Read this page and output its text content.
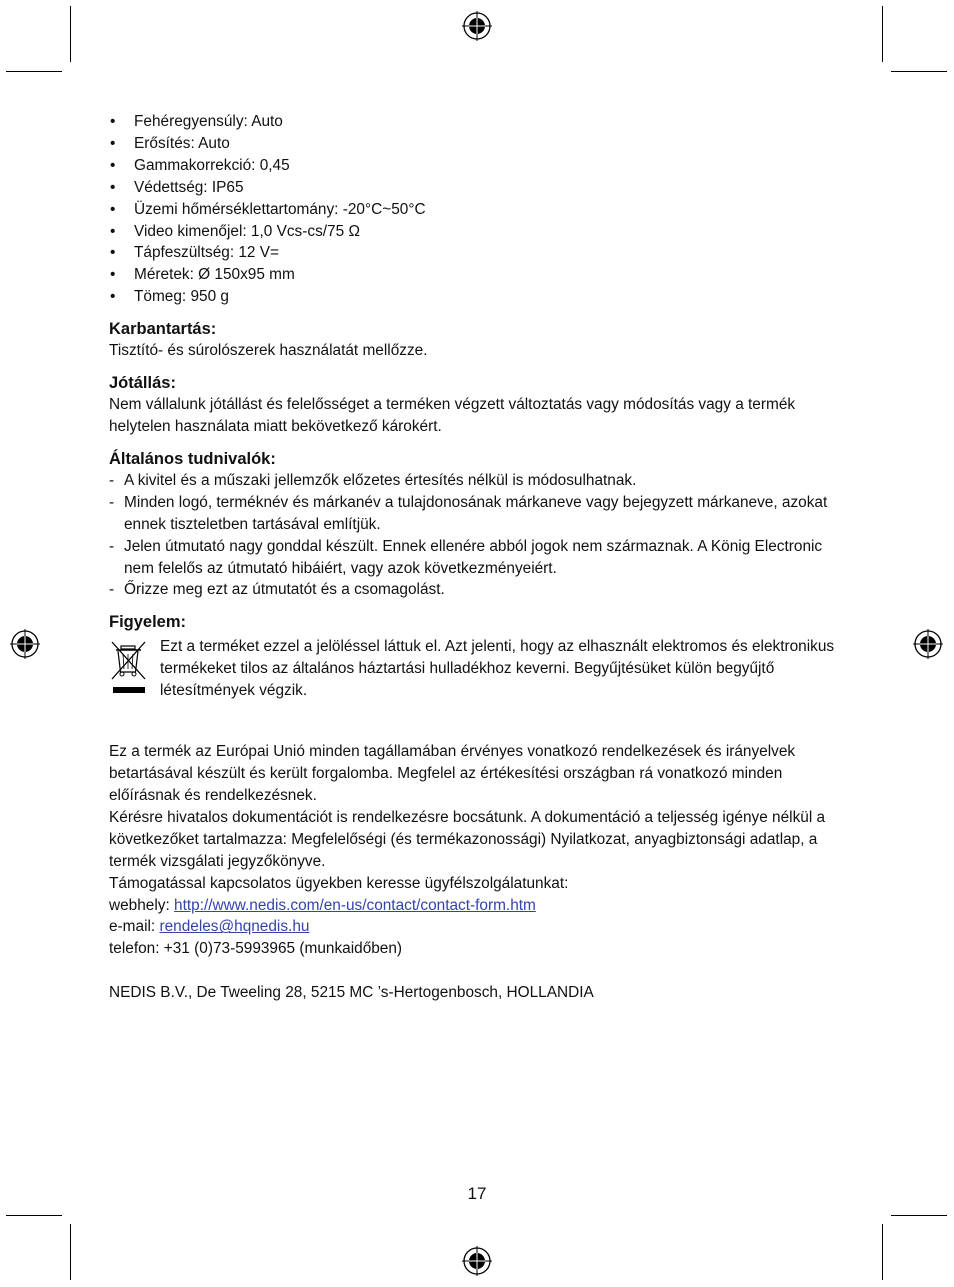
• Fehéregyensúly: Auto
• Erősítés: Auto
• Gammakorrekció: 0,45
• Védettség: IP65
• Üzemi hőmérséklettartomány: -20°C~50°C
• Video kimenőjel: 1,0 Vcs-cs/75 Ω
• Tápfeszültség: 12 V=
• Méretek: Ø 150x95 mm
• Tömeg: 950 g
Karbantartás:

Tisztító- és súrolószerek használatát mellőzze.

Jótállás:

Nem vállalunk jótállást és felelősséget a terméken végzett változtatás vagy módosítás vagy a termék helytelen használata miatt bekövetkező károkért.

Általános tudnivalók:
- A kivitel és a műszaki jellemzők előzetes értesítés nélkül is módosulhatnak.
- Minden logó, terméknév és márkanév a tulajdonosának márkaneve vagy bejegyzett márkaneve, azokat ennek tiszteletben tartásával említjük.
- Jelen útmutató nagy gonddal készült. Ennek ellenére abból jogok nem származnak. A König Electronic nem felelős az útmutató hibáiért, vagy azok következményeiért.
- Őrizze meg ezt az útmutatót és a csomagolást.
Figyelem:

Ezt a terméket ezzel a jelöléssel láttuk el. Azt jelenti, hogy az elhasznált elektromos és elektronikus termékeket tilos az általános háztartási hulladékhoz keverni. Begyűjtésüket külön begyűjtő létesítmények végzik.

Ez a termék az Európai Unió minden tagállamában érvényes vonatkozó rendelkezések és irányelvek betartásával készült és került forgalomba. Megfelel az értékesítési országban rá vonatkozó minden előírásnak és rendelkezésnek.

Kérésre hivatalos dokumentációt is rendelkezésre bocsátunk. A dokumentáció a teljesség igénye nélkül a következőket tartalmazza: Megfelelőségi (és termékazonossági) Nyilatkozat, anyagbiztonsági adatlap, a termék vizsgálati jegyzőkönyve.

Támogatással kapcsolatos ügyekben keresse ügyfélszolgálatunkat:

webhely: http://www.nedis.com/en-us/contact/contact-form.htm

e-mail: rendeles@hqnedis.hu

telefon: +31 (0)73-5993965 (munkaidőben)

NEDIS B.V., De Tweeling 28, 5215 MC ’s-Hertogenbosch, HOLLANDIA

17
